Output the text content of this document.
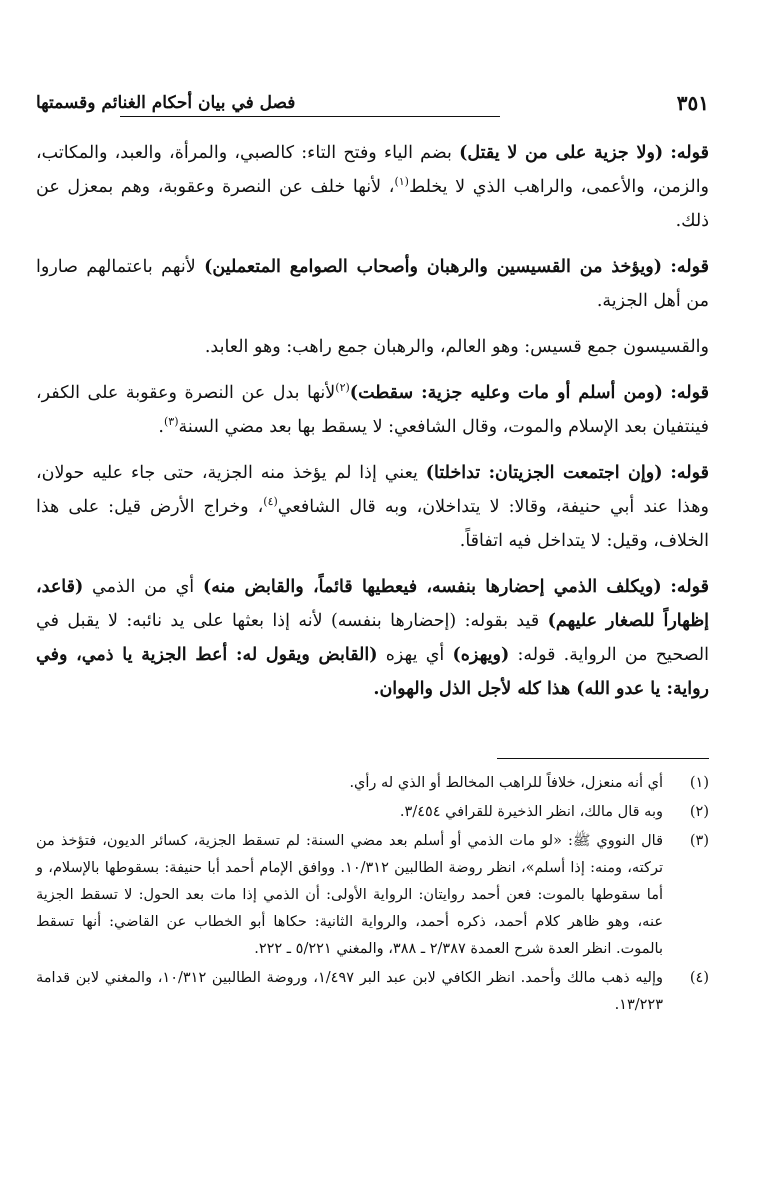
فصل في بيان أحكام الغنائم وقسمتها	٣٥١

قوله: (ولا جزية على من لا يقتل) بضم الياء وفتح التاء: كالصبي، والمرأة، والعبد، والمكاتب، والزمن، والأعمى، والراهب الذي لا يخلط$^{(١)}$، لأنها خلف عن النصرة وعقوبة، وهم بمعزل عن ذلك.

قوله: (ويؤخذ من القسيسين والرهبان وأصحاب الصوامع المتعملين) لأنهم باعتمالهم صاروا من أهل الجزية.

والقسيسون جمع قسيس: وهو العالم، والرهبان جمع راهب: وهو العابد.

قوله: (ومن أسلم أو مات وعليه جزية: سقطت)$^{(٢)}$لأنها بدل عن النصرة وعقوبة على الكفر، فينتفيان بعد الإسلام والموت، وقال الشافعي: لا يسقط بها بعد مضي السنة$^{(٣)}$.

قوله: (وإن اجتمعت الجزيتان: تداخلتا) يعني إذا لم يؤخذ منه الجزية، حتى جاء عليه حولان، وهذا عند أبي حنيفة، وقالا: لا يتداخلان، وبه قال الشافعي$^{(٤)}$، وخراج الأرض قيل: على هذا الخلاف، وقيل: لا يتداخل فيه اتفاقاً.

قوله: (ويكلف الذمي إحضارها بنفسه، فيعطيها قائماً، والقابض منه) أي من الذمي (قاعد، إظهاراً للصغار عليهم) قيد بقوله: (إحضارها بنفسه) لأنه إذا بعثها على يد نائبه: لا يقبل في الصحيح من الرواية. قوله: (ويهزه) أي يهزه (القابض ويقول له: أعط الجزية يا ذمي، وفي رواية: يا عدو الله) هذا كله لأجل الذل والهوان.

(١)
أي أنه منعزل، خلافاً للراهب المخالط أو الذي له رأي.
(٢)
وبه قال مالك، انظر الذخيرة للقرافي ٣/٤٥٤.
(٣)
قال النووي ﷺ: «لو مات الذمي أو أسلم بعد مضي السنة: لم تسقط الجزية، كسائر الديون، فتؤخذ من تركته، ومنه: إذا أسلم»، انظر روضة الطالبين ١٠/٣١٢. ووافق الإمام أحمد أبا حنيفة: بسقوطها بالإسلام، و أما سقوطها بالموت: فعن أحمد روايتان: الرواية الأولى: أن الذمي إذا مات بعد الحول: لا تسقط الجزية عنه، وهو ظاهر كلام أحمد، ذكره أحمد، والرواية الثانية: حكاها أبو الخطاب عن القاضي: أنها تسقط بالموت. انظر العدة شرح العمدة ٢/٣٨٧ ـ ٣٨٨، والمغني ٥/٢٢١ ـ ٢٢٢.
(٤)
وإليه ذهب مالك وأحمد. انظر الكافي لابن عبد البر ١/٤٩٧، وروضة الطالبين ١٠/٣١٢، والمغني لابن قدامة ١٣/٢٢٣.
